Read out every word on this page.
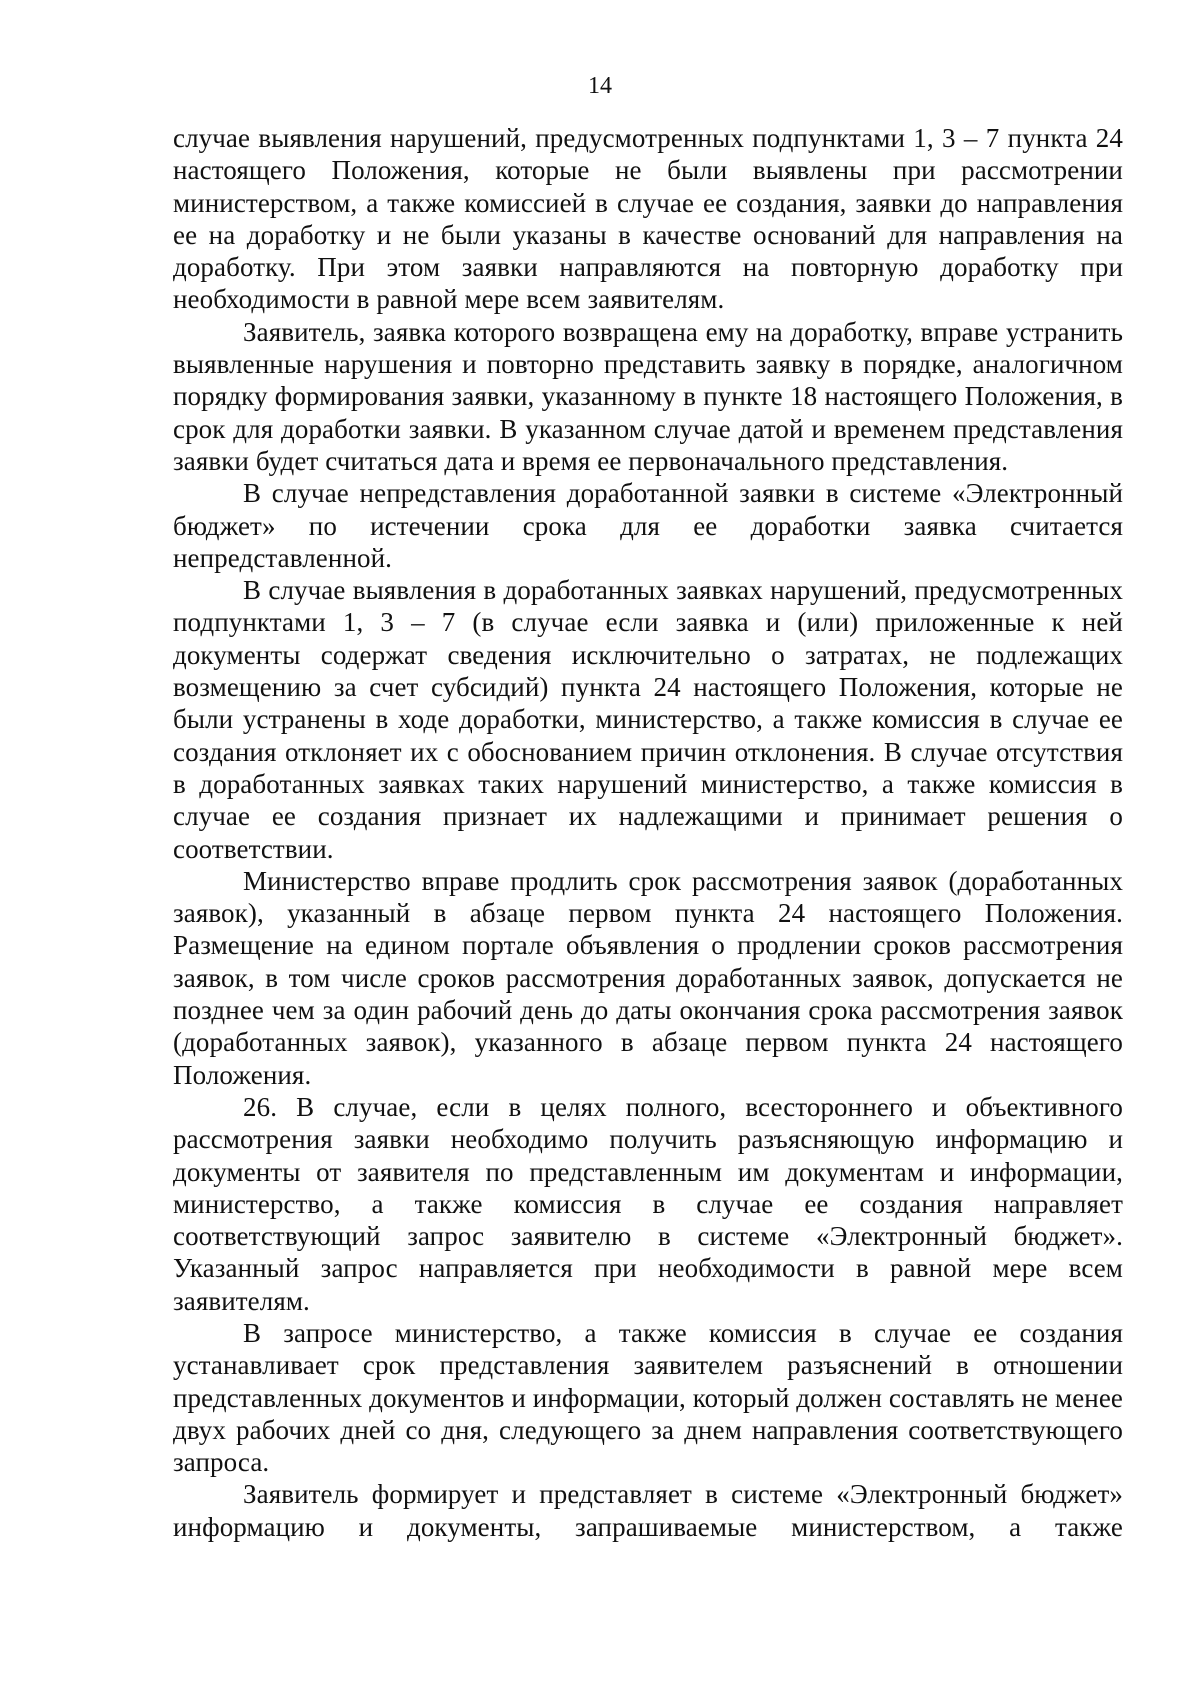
14

случае выявления нарушений, предусмотренных подпунктами 1, 3 – 7 пункта 24 настоящего Положения, которые не были выявлены при рассмотрении министерством, а также комиссией в случае ее создания, заявки до направления ее на доработку и не были указаны в качестве оснований для направления на доработку. При этом заявки направляются на повторную доработку при необходимости в равной мере всем заявителям.

Заявитель, заявка которого возвращена ему на доработку, вправе устранить выявленные нарушения и повторно представить заявку в порядке, аналогичном порядку формирования заявки, указанному в пункте 18 настоящего Положения, в срок для доработки заявки. В указанном случае датой и временем представления заявки будет считаться дата и время ее первоначального представления.

В случае непредставления доработанной заявки в системе «Электронный бюджет» по истечении срока для ее доработки заявка считается непредставленной.

В случае выявления в доработанных заявках нарушений, предусмотренных подпунктами 1, 3 – 7 (в случае если заявка и (или) приложенные к ней документы содержат сведения исключительно о затратах, не подлежащих возмещению за счет субсидий) пункта 24 настоящего Положения, которые не были устранены в ходе доработки, министерство, а также комиссия в случае ее создания отклоняет их с обоснованием причин отклонения. В случае отсутствия в доработанных заявках таких нарушений министерство, а также комиссия в случае ее создания признает их надлежащими и принимает решения о соответствии.

Министерство вправе продлить срок рассмотрения заявок (доработанных заявок), указанный в абзаце первом пункта 24 настоящего Положения. Размещение на едином портале объявления о продлении сроков рассмотрения заявок, в том числе сроков рассмотрения доработанных заявок, допускается не позднее чем за один рабочий день до даты окончания срока рассмотрения заявок (доработанных заявок), указанного в абзаце первом пункта 24 настоящего Положения.

26. В случае, если в целях полного, всестороннего и объективного рассмотрения заявки необходимо получить разъясняющую информацию и документы от заявителя по представленным им документам и информации, министерство, а также комиссия в случае ее создания направляет соответствующий запрос заявителю в системе «Электронный бюджет». Указанный запрос направляется при необходимости в равной мере всем заявителям.

В запросе министерство, а также комиссия в случае ее создания устанавливает срок представления заявителем разъяснений в отношении представленных документов и информации, который должен составлять не менее двух рабочих дней со дня, следующего за днем направления соответствующего запроса.

Заявитель формирует и представляет в системе «Электронный бюджет» информацию и документы, запрашиваемые министерством, а также
